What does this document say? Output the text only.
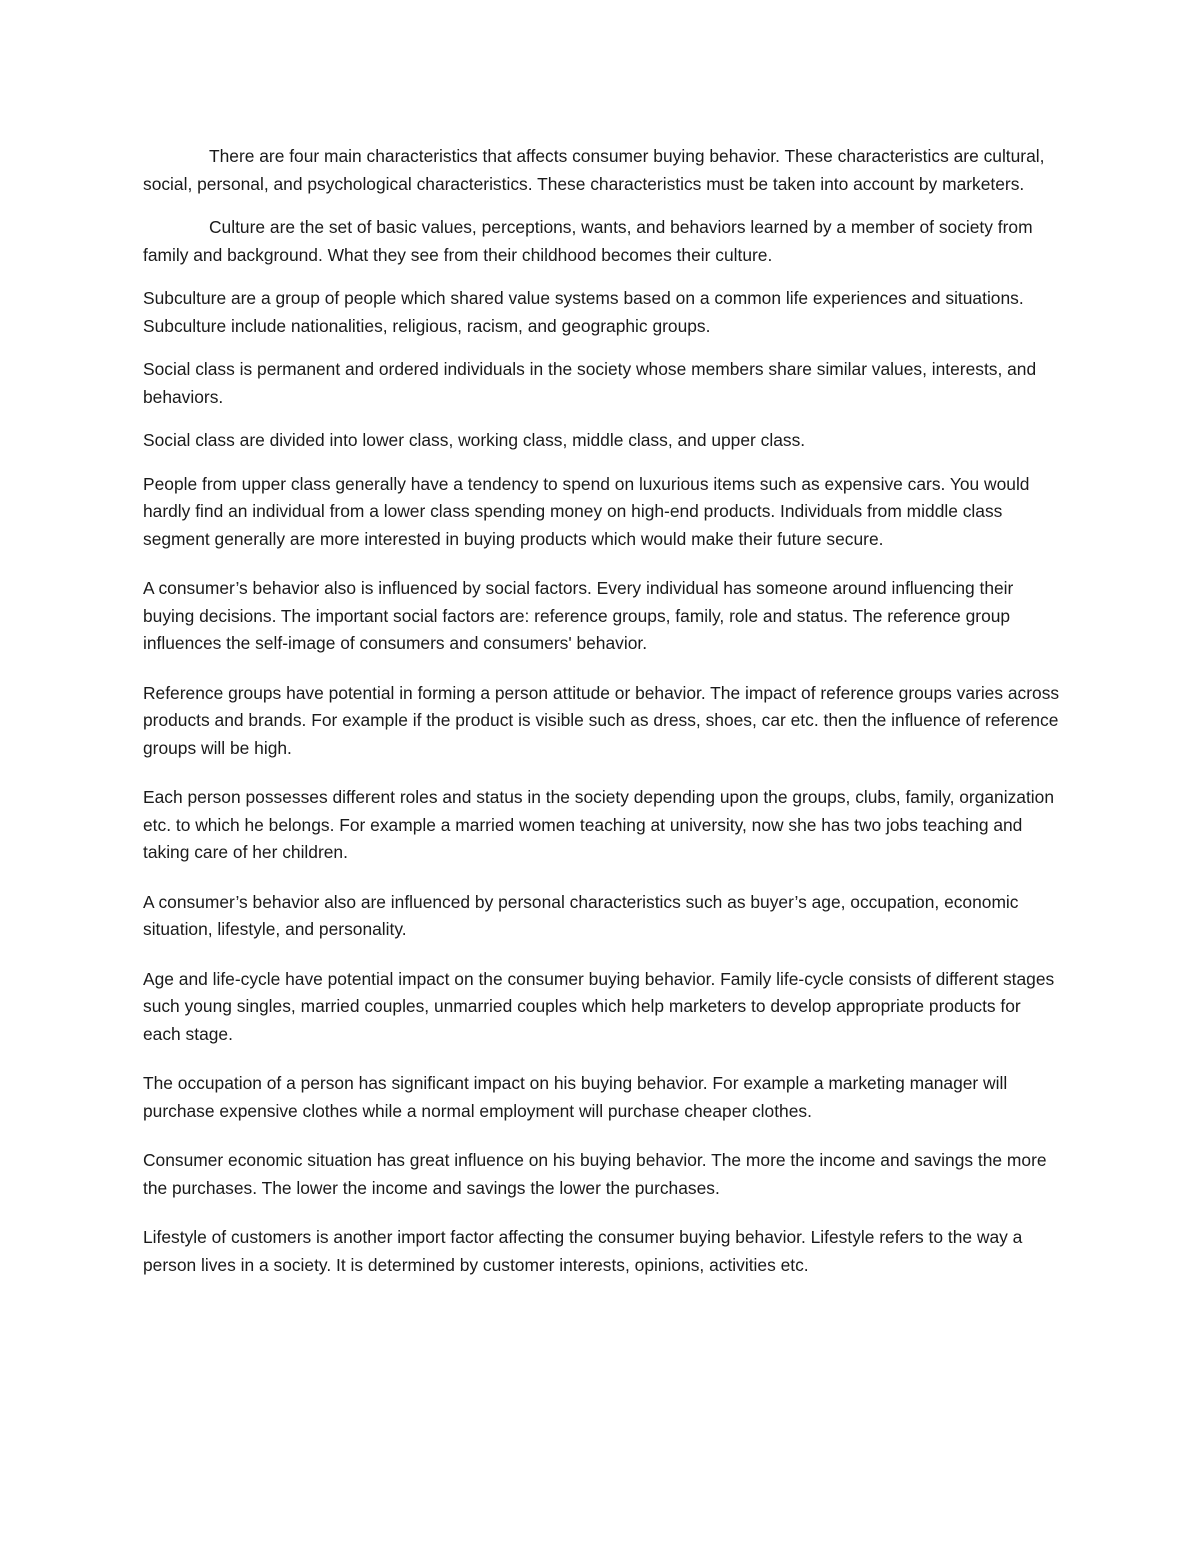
There are four main characteristics that affects consumer buying behavior. These characteristics are cultural, social, personal, and psychological characteristics. These characteristics must be taken into account by marketers.

Culture are the set of basic values, perceptions, wants, and behaviors learned by a member of society from family and background. What they see from their childhood becomes their culture.

Subculture are a group of people which shared value systems based on a common life experiences and situations. Subculture include nationalities, religious, racism, and geographic groups.

Social class is permanent and ordered individuals in the society whose members share similar values, interests, and behaviors.

Social class are divided into lower class, working class, middle class, and upper class.

People from upper class generally have a tendency to spend on luxurious items such as expensive cars. You would hardly find an individual from a lower class spending money on high-end products. Individuals from middle class segment generally are more interested in buying products which would make their future secure.

A consumer’s behavior also is influenced by social factors. Every individual has someone around influencing their buying decisions. The important social factors are: reference groups, family, role and status. The reference group influences the self-image of consumers and consumers' behavior.

Reference groups have potential in forming a person attitude or behavior. The impact of reference groups varies across products and brands. For example if the product is visible such as dress, shoes, car etc. then the influence of reference groups will be high.

Each person possesses different roles and status in the society depending upon the groups, clubs, family, organization etc. to which he belongs. For example a married women teaching at university, now she has two jobs teaching and taking care of her children.

A consumer’s behavior also are influenced by personal characteristics such as buyer’s age, occupation, economic situation, lifestyle, and personality.

Age and life-cycle have potential impact on the consumer buying behavior. Family life-cycle consists of different stages such young singles, married couples, unmarried couples which help marketers to develop appropriate products for each stage.

The occupation of a person has significant impact on his buying behavior. For example a marketing manager will purchase expensive clothes while a normal employment will purchase cheaper clothes.

Consumer economic situation has great influence on his buying behavior. The more the income and savings the more the purchases. The lower the income and savings the lower the purchases.

Lifestyle of customers is another import factor affecting the consumer buying behavior. Lifestyle refers to the way a person lives in a society. It is determined by customer interests, opinions, activities etc.
